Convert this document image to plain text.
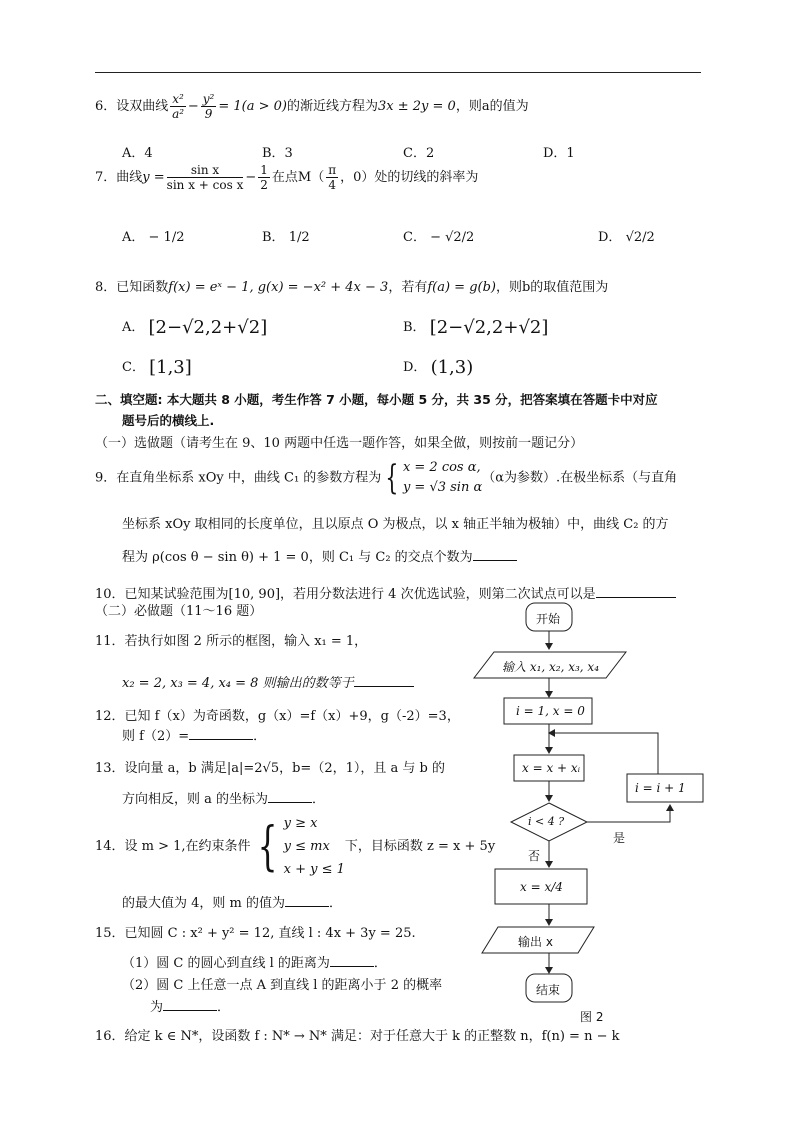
6．设双曲线 $\frac{\text{x²}}{\text{a²}} - \frac{\text{y²}}{9} = 1(a > 0)$的渐近线方程为3x ± 2y = 0，则a的值为
A．4	B．3	C．2	D．1
7．曲线$y = \frac{\text{sin x}}{\text{sin x + cos x}} - \frac{1}{2}$ 在点$M( \frac{\pi}{4}$ ，0）处的切线的斜率为
A． − 1/2	B． 1/2	C． − √2/2	D． √2/2
8．已知函数f(x) = eˣ − 1, g(x) = −x² + 4x − 3，若有f(a) = g(b)，则b的取值范围为
A． [2−√2,2+√2]	B． [2−√2,2+√2]
C． [1,3]	D． (1,3)
二、填空题: 本大题共 8 小题，考生作答 7 小题，每小题 5 分，共 35 分，把答案填在答题卡中对应
题号后的横线上.
（一）选做题（请考生在 9、10 两题中任选一题作答，如果全做，则按前一题记分）
9．在直角坐标系 xOy 中，曲线 C₁ 的参数方程为 { x = 2 cos α,
y = √3 sin α
（α为参数）.在极坐标系（与直角
坐标系 xOy 取相同的长度单位，且以原点 O 为极点，以 x 轴正半轴为极轴）中，曲线 C₂ 的方
程为 ρ(cos θ − sin θ) + 1 = 0，则 C₁ 与 C₂ 的交点个数为
10．已知某试验范围为[10, 90]，若用分数法进行 4 次优选试验，则第二次试点可以是
（二）必做题（11～16 题）
11．若执行如图 2 所示的框图，输入 x₁ = 1，
x₂ = 2, x₃ = 4, x₄ = 8 则输出的数等于
12．已知 f（x）为奇函数，g（x）=f（x）+9，g（-2）=3，
则 f（2）=	．
13．设向量 a，b 满足|a|=2√5，b=（2，1），且 a 与 b 的
方向相反，则 a 的坐标为	．
14．设 m > 1,在约束条件 { y ≥ x
y ≤ mx
x + y ≤ 1
下，目标函数 z = x + 5y
的最大值为 4，则 m 的值为	．
15．已知圆 C : x² + y² = 12, 直线 l : 4x + 3y = 25.
（1）圆 C 的圆心到直线 l 的距离为	．
（2）圆 C 上任意一点 A 到直线 l 的距离小于 2 的概率
为	．
16．给定 k ∈ N*，设函数 f : N* → N* 满足：对于任意大于 k 的正整数 n，f(n) = n − k
开始
输入 x₁, x₂, x₃, x₄
i = 1, x = 0
x = x + xᵢ
i = i + 1
i < 4 ?
是
否
x = x/4
输出 x
结束
图 2
